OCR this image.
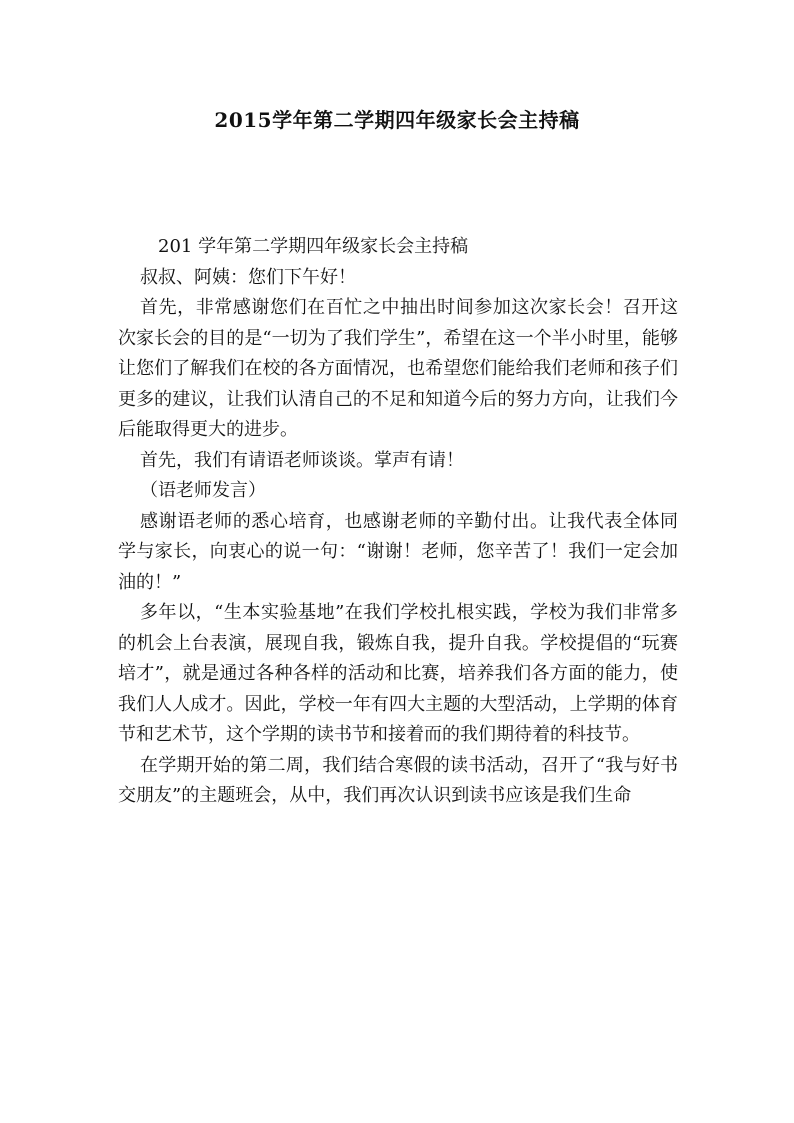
2015学年第二学期四年级家长会主持稿

201 学年第二学期四年级家长会主持稿

叔叔、阿姨：您们下午好！

首先，非常感谢您们在百忙之中抽出时间参加这次家长会！召开这次家长会的目的是“一切为了我们学生”，希望在这一个半小时里，能够让您们了解我们在校的各方面情况，也希望您们能给我们老师和孩子们更多的建议，让我们认清自己的不足和知道今后的努力方向，让我们今后能取得更大的进步。

首先，我们有请语老师谈谈。掌声有请！

（语老师发言）

感谢语老师的悉心培育，也感谢老师的辛勤付出。让我代表全体同学与家长，向衷心的说一句：“谢谢！老师，您辛苦了！我们一定会加油的！”

多年以，“生本实验基地”在我们学校扎根实践，学校为我们非常多的机会上台表演，展现自我，锻炼自我，提升自我。学校提倡的“玩赛培才”，就是通过各种各样的活动和比赛，培养我们各方面的能力，使我们人人成才。因此，学校一年有四大主题的大型活动，上学期的体育节和艺术节，这个学期的读书节和接着而的我们期待着的科技节。

在学期开始的第二周，我们结合寒假的读书活动，召开了“我与好书交朋友”的主题班会，从中，我们再次认识到读书应该是我们生命
